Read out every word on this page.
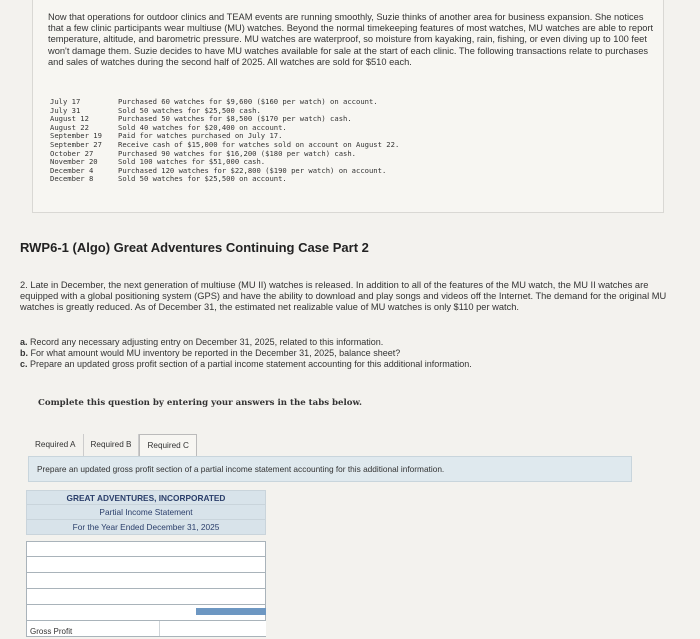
Now that operations for outdoor clinics and TEAM events are running smoothly, Suzie thinks of another area for business expansion. She notices that a few clinic participants wear multiuse (MU) watches. Beyond the normal timekeeping features of most watches, MU watches are able to report temperature, altitude, and barometric pressure. MU watches are waterproof, so moisture from kayaking, rain, fishing, or even diving up to 100 feet won't damage them. Suzie decides to have MU watches available for sale at the start of each clinic. The following transactions relate to purchases and sales of watches during the second half of 2025. All watches are sold for $510 each.

July 17	Purchased 60 watches for $9,600 ($160 per watch) on account.
July 31	Sold 50 watches for $25,500 cash.
August 12	Purchased 50 watches for $8,500 ($170 per watch) cash.
August 22	Sold 40 watches for $20,400 on account.
September 19	Paid for watches purchased on July 17.
September 27	Receive cash of $15,000 for watches sold on account on August 22.
October 27	Purchased 90 watches for $16,200 ($180 per watch) cash.
November 20	Sold 100 watches for $51,000 cash.
December 4	Purchased 120 watches for $22,800 ($190 per watch) on account.
December 8	Sold 50 watches for $25,500 on account.
RWP6-1 (Algo) Great Adventures Continuing Case Part 2

2. Late in December, the next generation of multiuse (MU II) watches is released. In addition to all of the features of the MU watch, the MU II watches are equipped with a global positioning system (GPS) and have the ability to download and play songs and videos off the Internet. The demand for the original MU watches is greatly reduced. As of December 31, the estimated net realizable value of MU watches is only $110 per watch.

a. Record any necessary adjusting entry on December 31, 2025, related to this information.
b. For what amount would MU inventory be reported in the December 31, 2025, balance sheet?
c. Prepare an updated gross profit section of a partial income statement accounting for this additional information.
Complete this question by entering your answers in the tabs below.
Required A	Required B	Required C
Prepare an updated gross profit section of a partial income statement accounting for this additional information.
GREAT ADVENTURES, INCORPORATED
Partial Income Statement
For the Year Ended December 31, 2025
Gross Profit
